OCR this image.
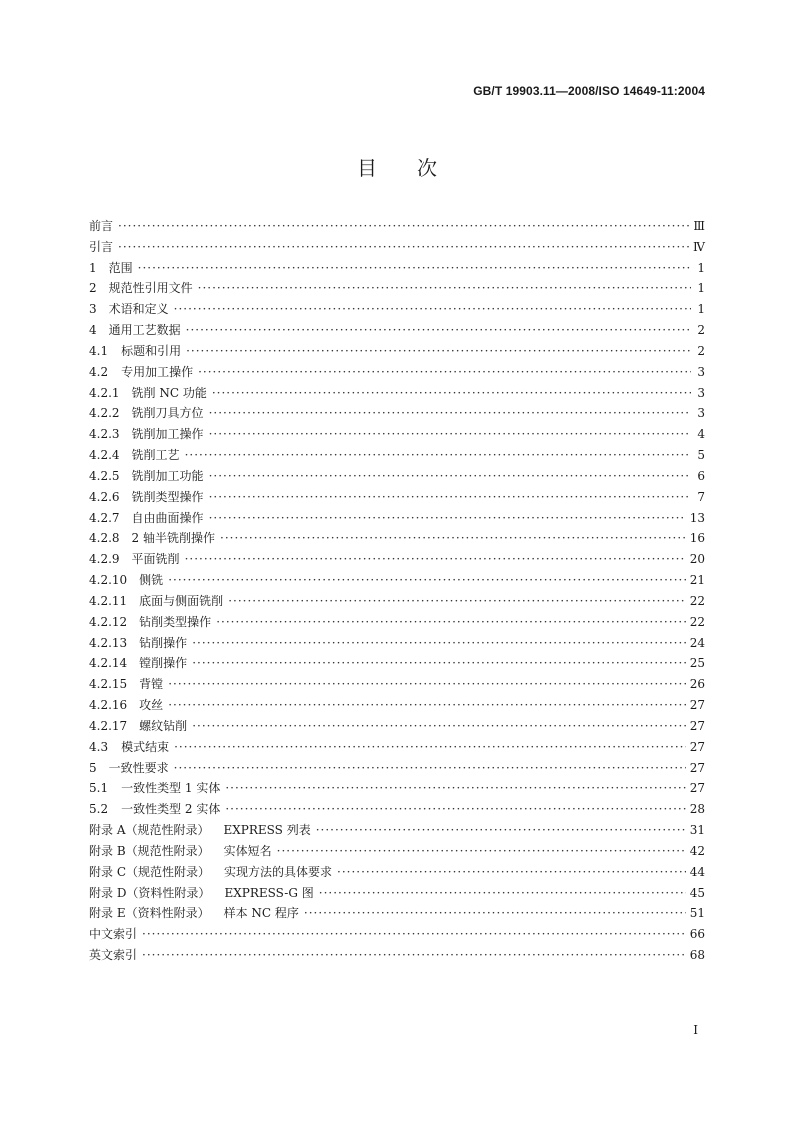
GB/T 19903.11—2008/ISO 14649-11:2004
目次
前言 ·····	Ⅲ
引言 ·····	Ⅳ
1 范围 ·····	1
2 规范性引用文件 ·····	1
3 术语和定义 ·····	1
4 通用工艺数据 ·····	2
4.1 标题和引用 ·····	2
4.2 专用加工操作 ·····	3
4.2.1 铣削 NC 功能 ·····	3
4.2.2 铣削刀具方位 ·····	3
4.2.3 铣削加工操作 ·····	4
4.2.4 铣削工艺 ·····	5
4.2.5 铣削加工功能 ·····	6
4.2.6 铣削类型操作 ·····	7
4.2.7 自由曲面操作 ·····	13
4.2.8 2 轴半铣削操作 ·····	16
4.2.9 平面铣削 ·····	20
4.2.10 侧铣 ·····	21
4.2.11 底面与侧面铣削 ·····	22
4.2.12 钻削类型操作 ·····	22
4.2.13 钻削操作 ·····	24
4.2.14 镗削操作 ·····	25
4.2.15 背镗 ·····	26
4.2.16 攻丝 ·····	27
4.2.17 螺纹钻削 ·····	27
4.3 模式结束 ·····	27
5 一致性要求 ·····	27
5.1 一致性类型 1 实体 ·····	27
5.2 一致性类型 2 实体 ·····	28
附录 A（规范性附录） EXPRESS 列表 ·····	31
附录 B（规范性附录） 实体短名 ·····	42
附录 C（规范性附录） 实现方法的具体要求 ·····	44
附录 D（资料性附录） EXPRESS-G 图 ·····	45
附录 E（资料性附录） 样本 NC 程序 ·····	51
中文索引 ·····	66
英文索引 ·····	68
Ⅰ
